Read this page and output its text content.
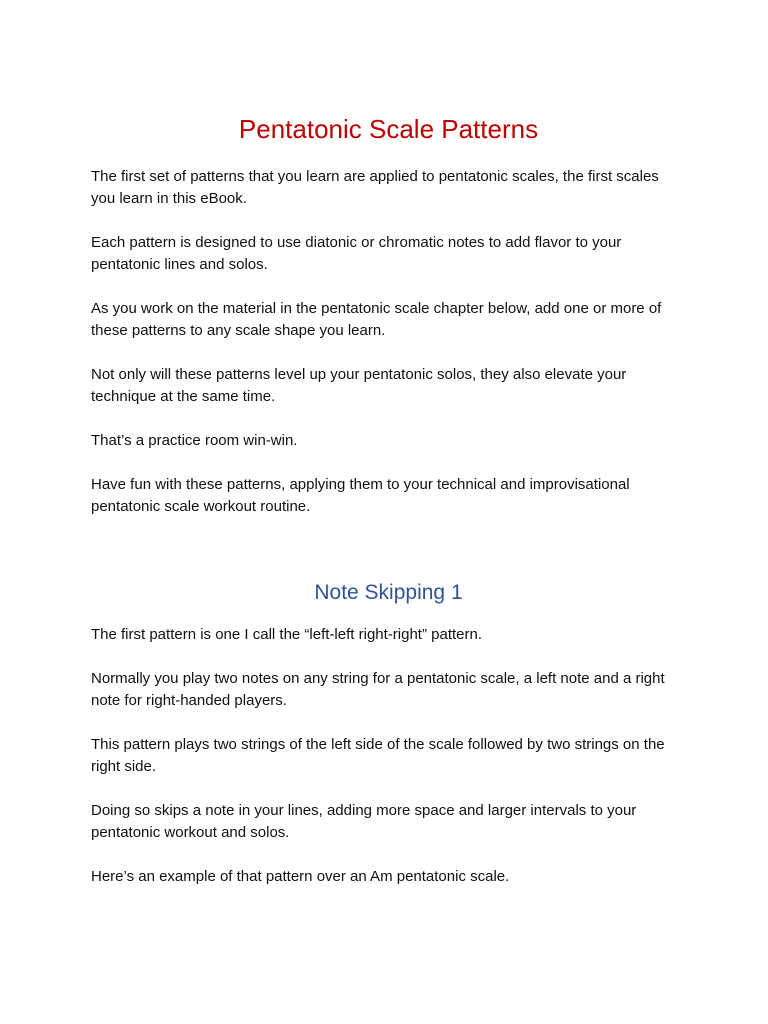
Pentatonic Scale Patterns

The first set of patterns that you learn are applied to pentatonic scales, the first scales you learn in this eBook.

Each pattern is designed to use diatonic or chromatic notes to add flavor to your pentatonic lines and solos.

As you work on the material in the pentatonic scale chapter below, add one or more of these patterns to any scale shape you learn.

Not only will these patterns level up your pentatonic solos, they also elevate your technique at the same time.

That’s a practice room win-win.

Have fun with these patterns, applying them to your technical and improvisational pentatonic scale workout routine.

Note Skipping 1

The first pattern is one I call the “left-left right-right” pattern.

Normally you play two notes on any string for a pentatonic scale, a left note and a right note for right-handed players.

This pattern plays two strings of the left side of the scale followed by two strings on the right side.

Doing so skips a note in your lines, adding more space and larger intervals to your pentatonic workout and solos.

Here’s an example of that pattern over an Am pentatonic scale.
